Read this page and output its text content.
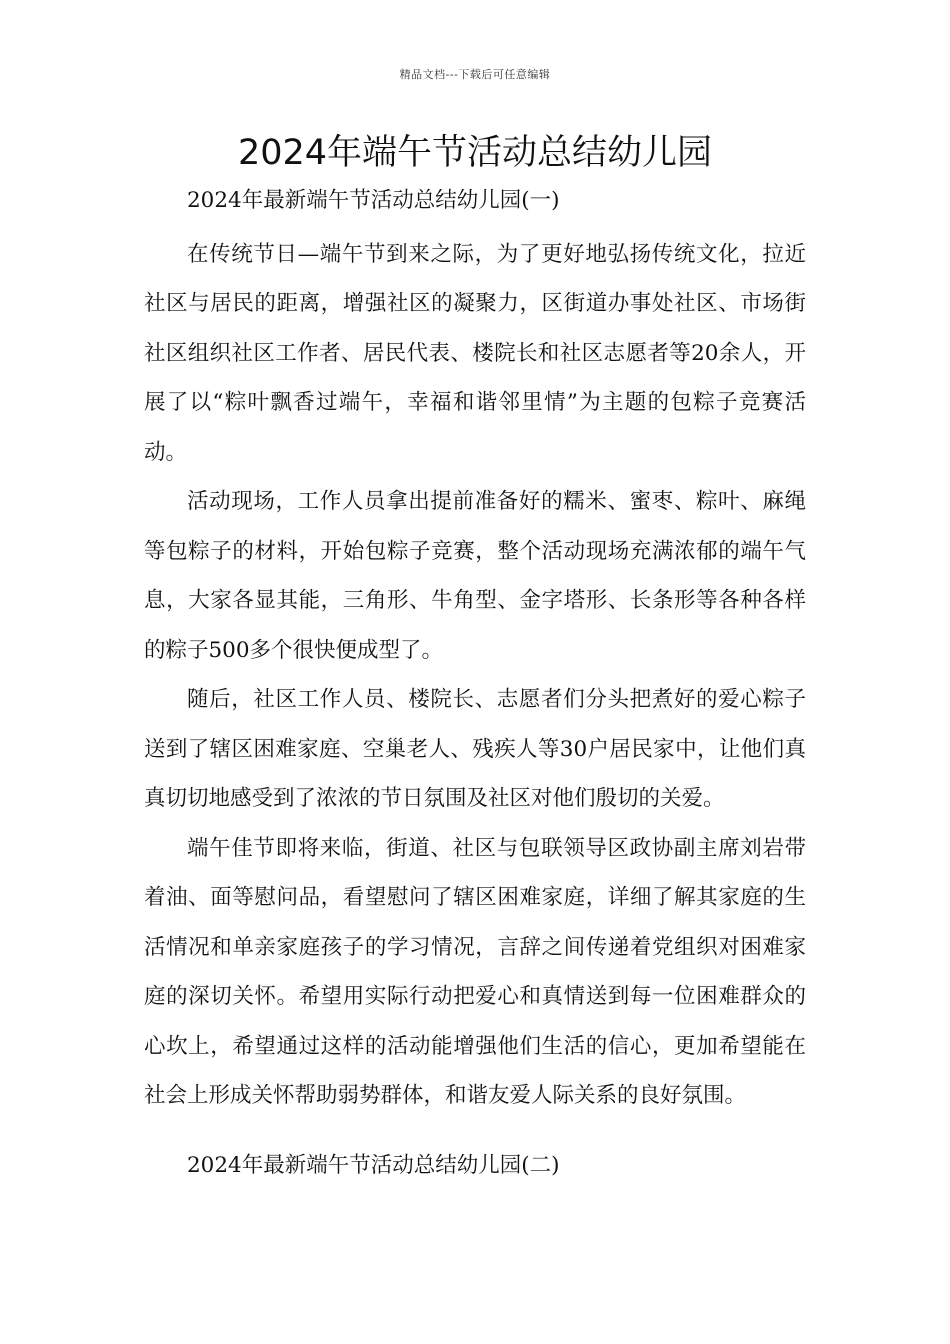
精品文档---下载后可任意编辑
2024年端午节活动总结幼儿园

2024年最新端午节活动总结幼儿园(一)

在传统节日—端午节到来之际，为了更好地弘扬传统文化，拉近社区与居民的距离，增强社区的凝聚力，区街道办事处社区、市场街社区组织社区工作者、居民代表、楼院长和社区志愿者等20余人，开展了以“粽叶飘香过端午，幸福和谐邻里情”为主题的包粽子竞赛活动。

活动现场，工作人员拿出提前准备好的糯米、蜜枣、粽叶、麻绳等包粽子的材料，开始包粽子竞赛，整个活动现场充满浓郁的端午气息，大家各显其能，三角形、牛角型、金字塔形、长条形等各种各样的粽子500多个很快便成型了。

随后，社区工作人员、楼院长、志愿者们分头把煮好的爱心粽子送到了辖区困难家庭、空巢老人、残疾人等30户居民家中，让他们真真切切地感受到了浓浓的节日氛围及社区对他们殷切的关爱。

端午佳节即将来临，街道、社区与包联领导区政协副主席刘岩带着油、面等慰问品，看望慰问了辖区困难家庭，详细了解其家庭的生活情况和单亲家庭孩子的学习情况，言辞之间传递着党组织对困难家庭的深切关怀。希望用实际行动把爱心和真情送到每一位困难群众的心坎上，希望通过这样的活动能增强他们生活的信心，更加希望能在社会上形成关怀帮助弱势群体，和谐友爱人际关系的良好氛围。

2024年最新端午节活动总结幼儿园(二)
